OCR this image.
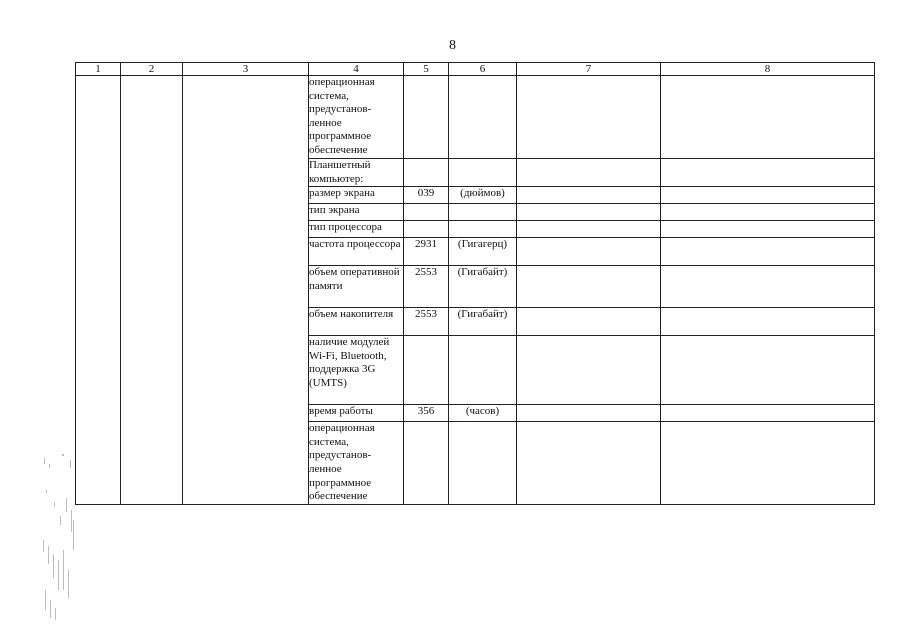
8
1	2	3	4	5	6	7	8
			операционная система, предустанов-ленное программное обеспечение				
			Планшетный компьютер:				
			размер экрана	039	(дюймов)		
			тип экрана				
			тип процессора				
			частота процессора	2931	(Гигагерц)		
			объем оперативной памяти	2553	(Гигабайт)		
			объем накопителя	2553	(Гигабайт)		
			наличие модулей Wi-Fi, Bluetooth, поддержка 3G (UMTS)				
			время работы	356	(часов)		
			операционная система, предустанов-ленное программное обеспечение				
